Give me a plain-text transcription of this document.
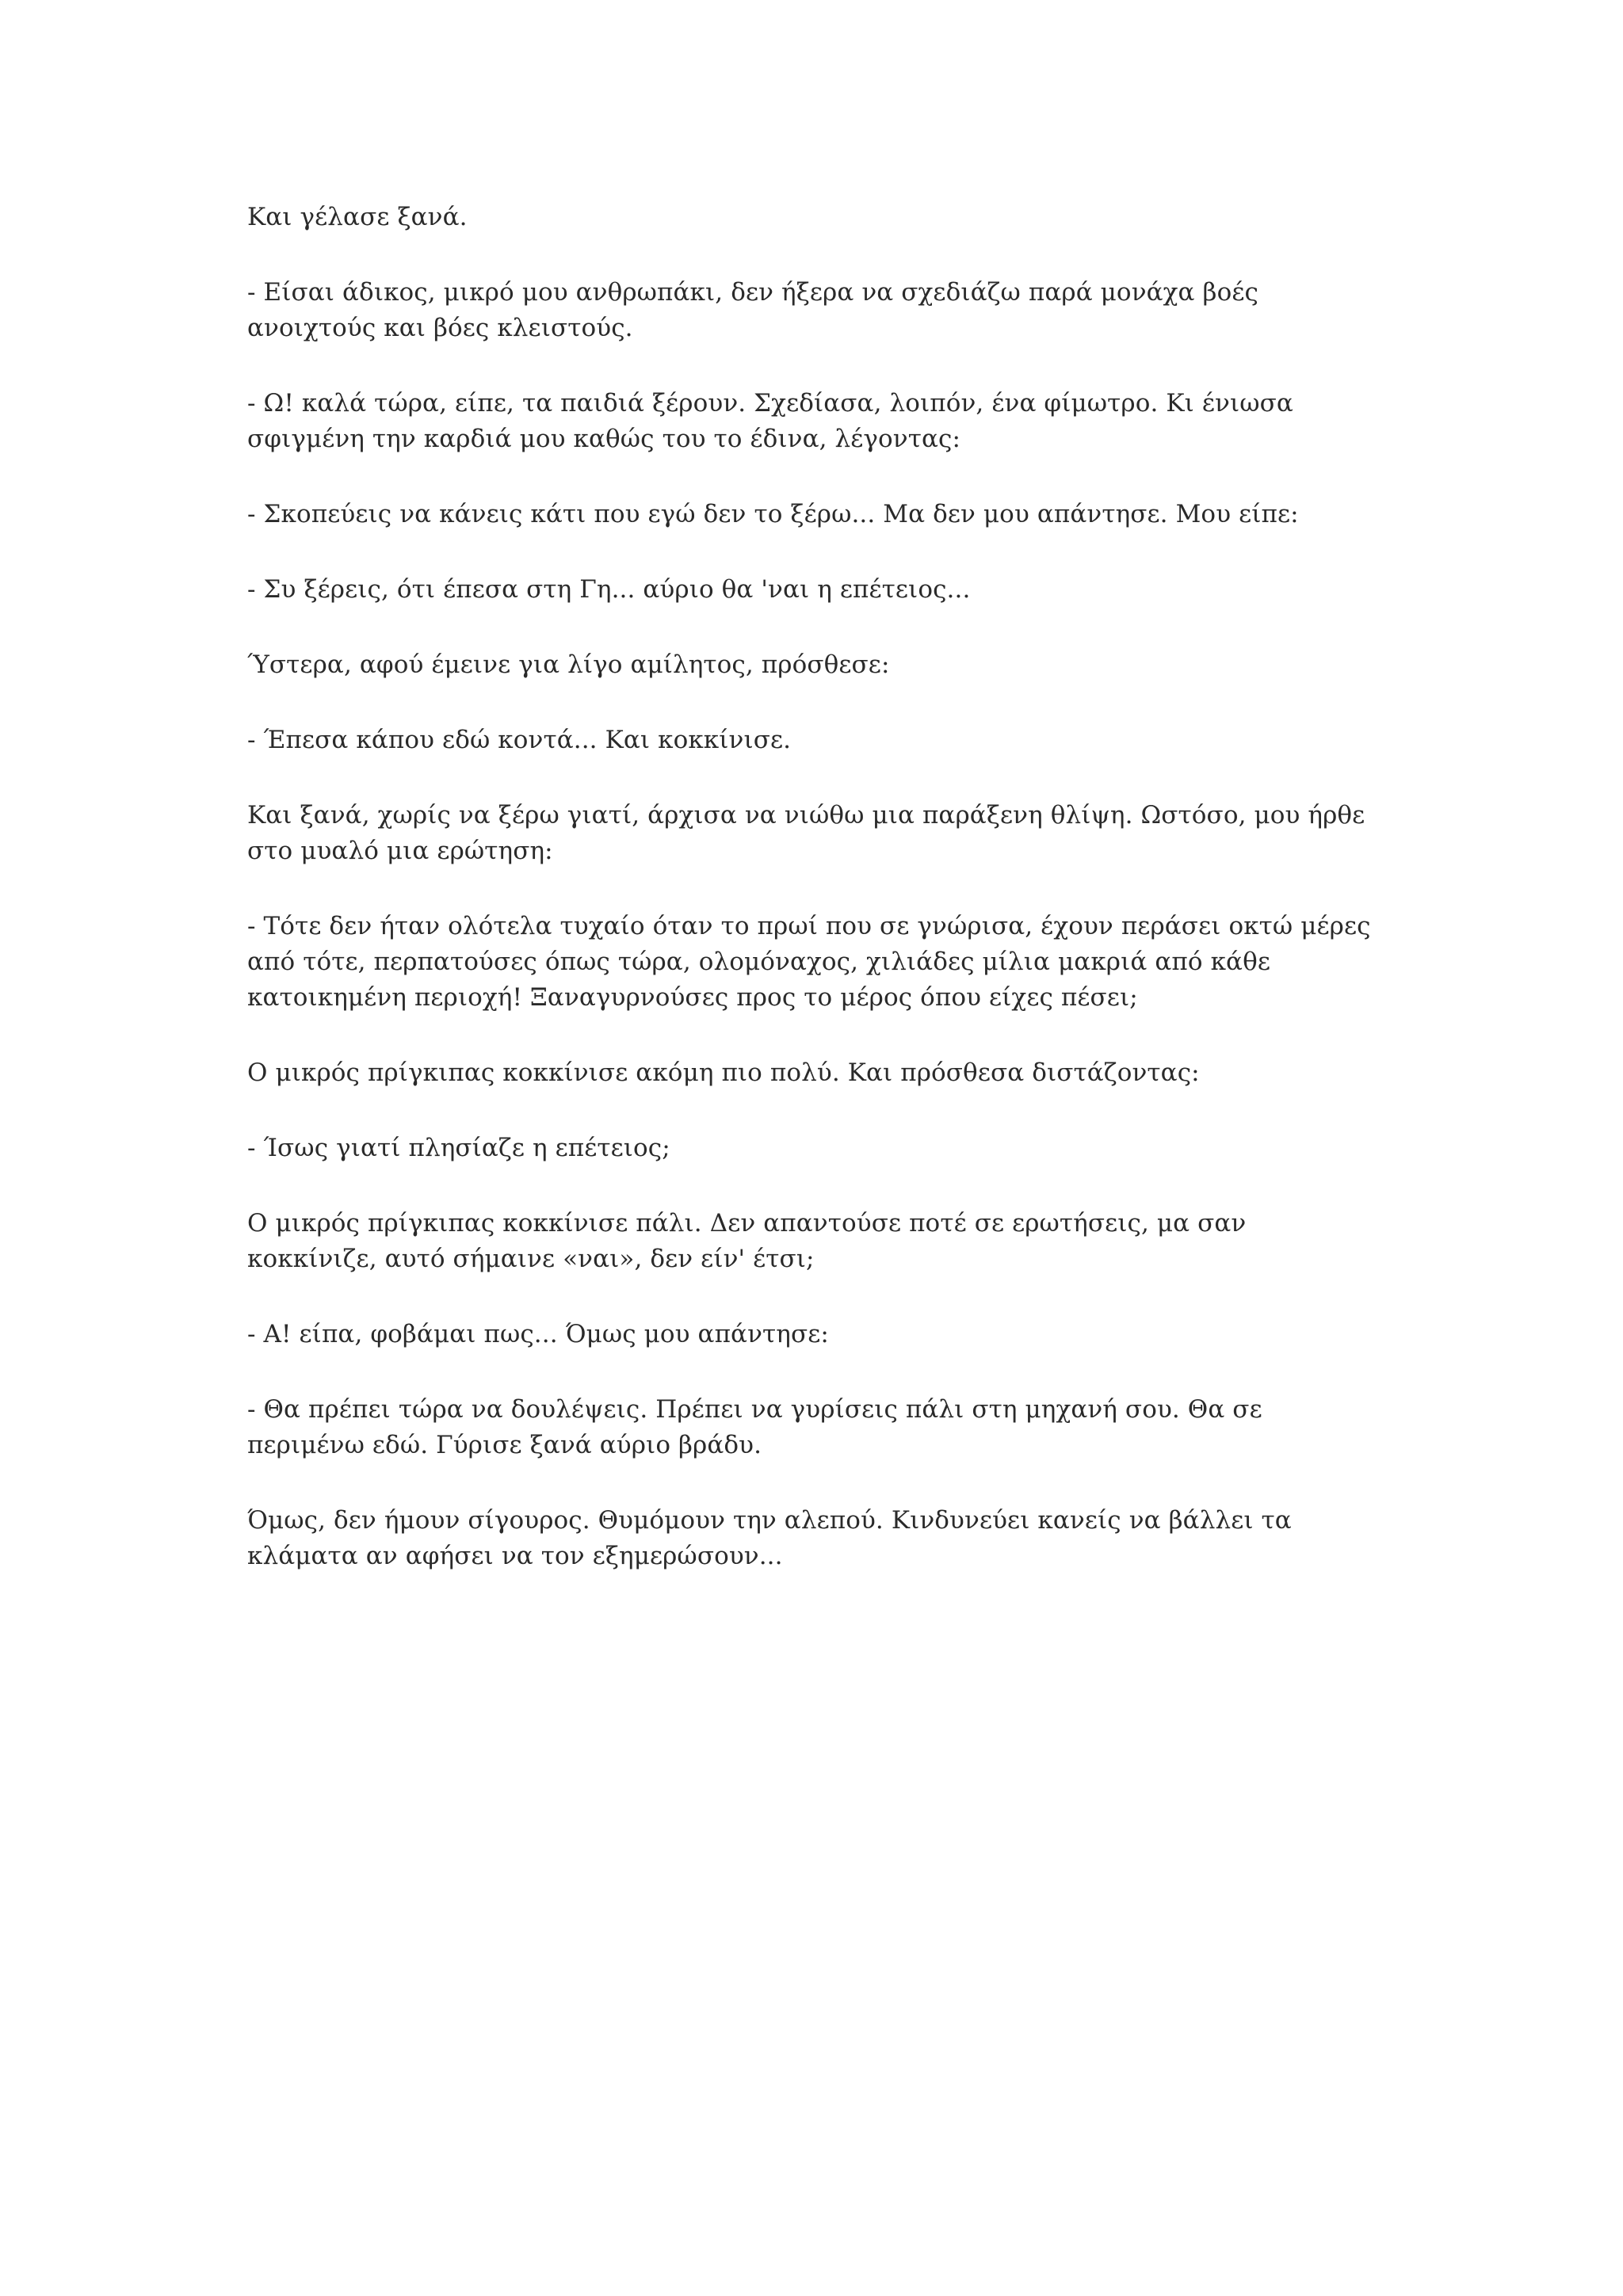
Και γέλασε ξανά.

- Είσαι άδικος, μικρό μου ανθρωπάκι, δεν ήξερα να σχεδιάζω παρά μονάχα βοές
ανοιχτούς και βόες κλειστούς.

- Ω! καλά τώρα, είπε, τα παιδιά ξέρουν. Σχεδίασα, λοιπόν, ένα φίμωτρο. Κι ένιωσα
σφιγμένη την καρδιά μου καθώς του το έδινα, λέγοντας:

- Σκοπεύεις να κάνεις κάτι που εγώ δεν το ξέρω... Μα δεν μου απάντησε. Μου είπε:

- Συ ξέρεις, ότι έπεσα στη Γη... αύριο θα 'ναι η επέτειος...

Ύστερα, αφού έμεινε για λίγο αμίλητος, πρόσθεσε:

- Έπεσα κάπου εδώ κοντά... Και κοκκίνισε.

Και ξανά, χωρίς να ξέρω γιατί, άρχισα να νιώθω μια παράξενη θλίψη. Ωστόσο, μου ήρθε
στο μυαλό μια ερώτηση:

- Τότε δεν ήταν ολότελα τυχαίο όταν το πρωί που σε γνώρισα, έχουν περάσει οκτώ μέρες
από τότε, περπατούσες όπως τώρα, ολομόναχος, χιλιάδες μίλια μακριά από κάθε
κατοικημένη περιοχή! Ξαναγυρνούσες προς το μέρος όπου είχες πέσει;

Ο μικρός πρίγκιπας κοκκίνισε ακόμη πιο πολύ. Και πρόσθεσα διστάζοντας:

- Ίσως γιατί πλησίαζε η επέτειος;

Ο μικρός πρίγκιπας κοκκίνισε πάλι. Δεν απαντούσε ποτέ σε ερωτήσεις, μα σαν
κοκκίνιζε, αυτό σήμαινε «ναι», δεν είν' έτσι;

- Α! είπα, φοβάμαι πως... Όμως μου απάντησε:

- Θα πρέπει τώρα να δουλέψεις. Πρέπει να γυρίσεις πάλι στη μηχανή σου. Θα σε
περιμένω εδώ. Γύρισε ξανά αύριο βράδυ.

Όμως, δεν ήμουν σίγουρος. Θυμόμουν την αλεπού. Κινδυνεύει κανείς να βάλλει τα
κλάματα αν αφήσει να τον εξημερώσουν...
